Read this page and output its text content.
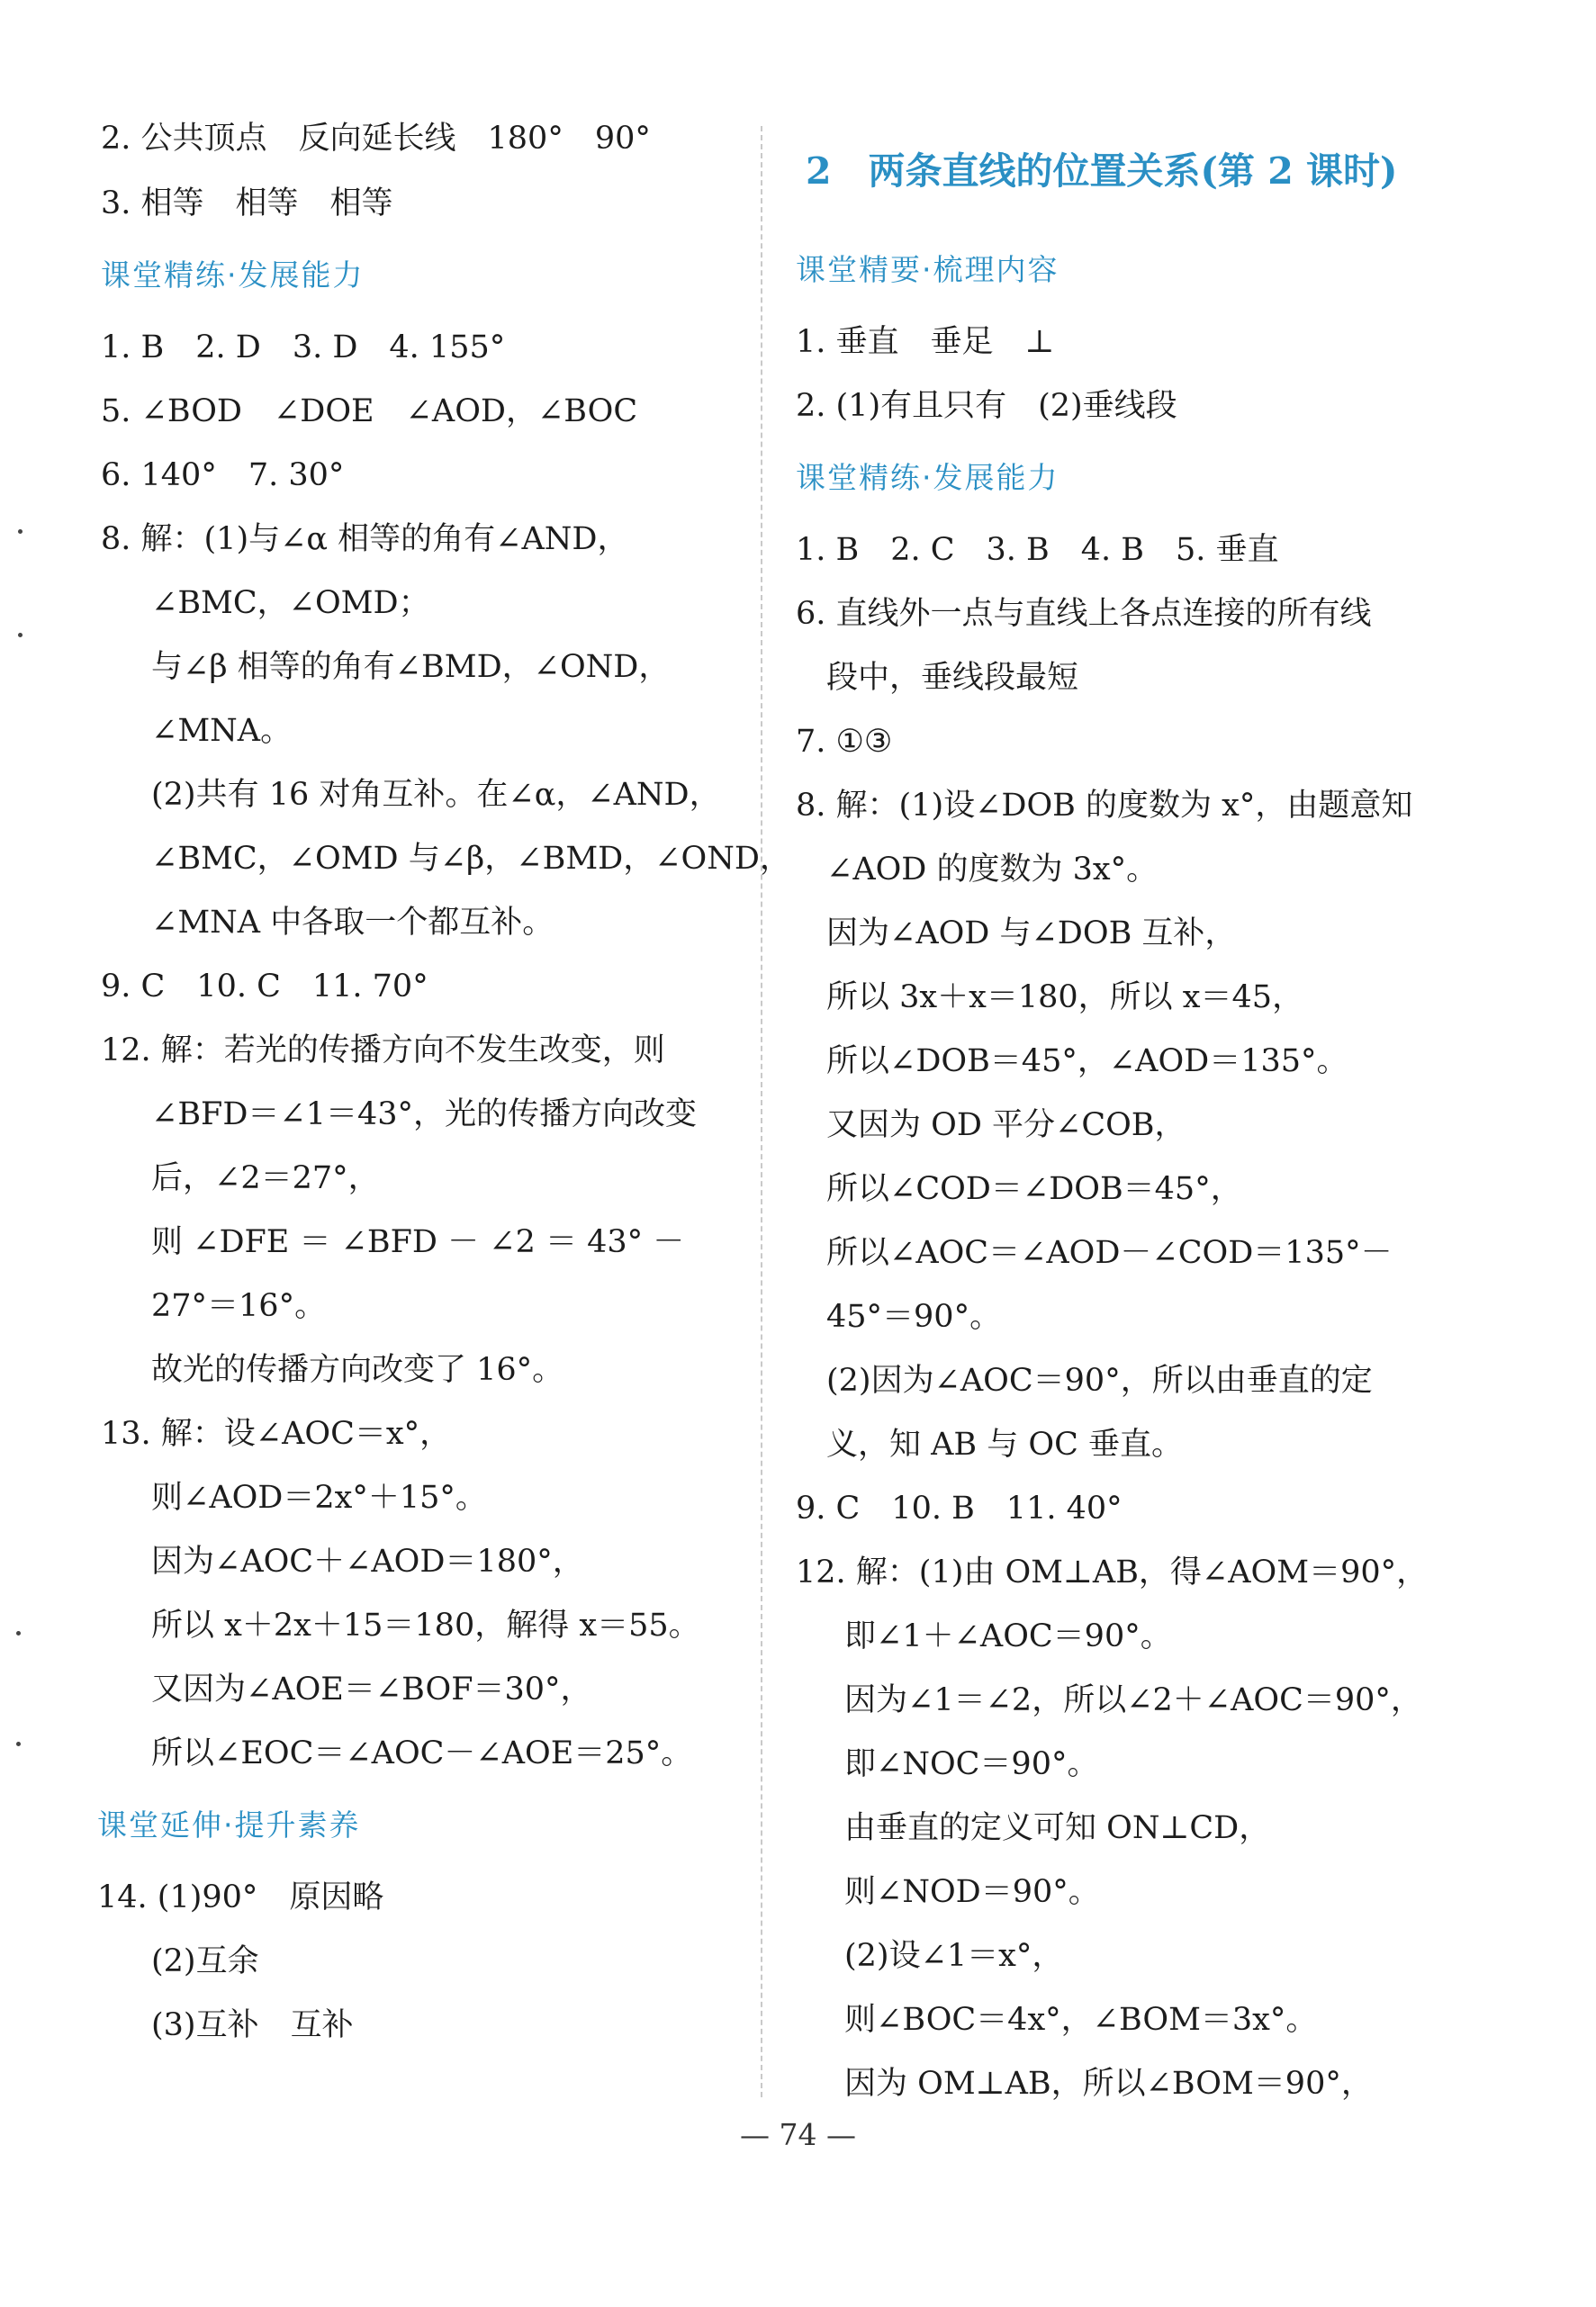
2. 公共顶点　反向延长线　180°　90°
3. 相等　相等　相等
课堂精练·发展能力
1. B　2. D　3. D　4. 155°
5. ∠BOD　∠DOE　∠AOD，∠BOC
6. 140°　7. 30°
8. 解：(1)与∠α 相等的角有∠AND，
∠BMC，∠OMD；
与∠β 相等的角有∠BMD，∠OND，
∠MNA。
(2)共有 16 对角互补。在∠α，∠AND，
∠BMC，∠OMD 与∠β，∠BMD，∠OND，
∠MNA 中各取一个都互补。
9. C　10. C　11. 70°
12. 解：若光的传播方向不发生改变，则
∠BFD＝∠1＝43°，光的传播方向改变
后，∠2＝27°，
则 ∠DFE ＝ ∠BFD － ∠2 ＝ 43° －
27°＝16°。
故光的传播方向改变了 16°。
13. 解：设∠AOC＝x°，
则∠AOD＝2x°＋15°。
因为∠AOC＋∠AOD＝180°，
所以 x＋2x＋15＝180，解得 x＝55。
又因为∠AOE＝∠BOF＝30°，
所以∠EOC＝∠AOC－∠AOE＝25°。
课堂延伸·提升素养
14. (1)90°　原因略
(2)互余
(3)互补　互补
2　两条直线的位置关系(第 2 课时)
课堂精要·梳理内容
1. 垂直　垂足　⊥
2. (1)有且只有　(2)垂线段
课堂精练·发展能力
1. B　2. C　3. B　4. B　5. 垂直
6. 直线外一点与直线上各点连接的所有线
段中，垂线段最短
7. ①③
8. 解：(1)设∠DOB 的度数为 x°，由题意知
∠AOD 的度数为 3x°。
因为∠AOD 与∠DOB 互补，
所以 3x＋x＝180，所以 x＝45，
所以∠DOB＝45°，∠AOD＝135°。
又因为 OD 平分∠COB，
所以∠COD＝∠DOB＝45°，
所以∠AOC＝∠AOD－∠COD＝135°－
45°＝90°。
(2)因为∠AOC＝90°，所以由垂直的定
义，知 AB 与 OC 垂直。
9. C　10. B　11. 40°
12. 解：(1)由 OM⊥AB，得∠AOM＝90°，
即∠1＋∠AOC＝90°。
因为∠1＝∠2，所以∠2＋∠AOC＝90°，
即∠NOC＝90°。
由垂直的定义可知 ON⊥CD，
则∠NOD＝90°。
(2)设∠1＝x°，
则∠BOC＝4x°，∠BOM＝3x°。
因为 OM⊥AB，所以∠BOM＝90°，
— 74 —
